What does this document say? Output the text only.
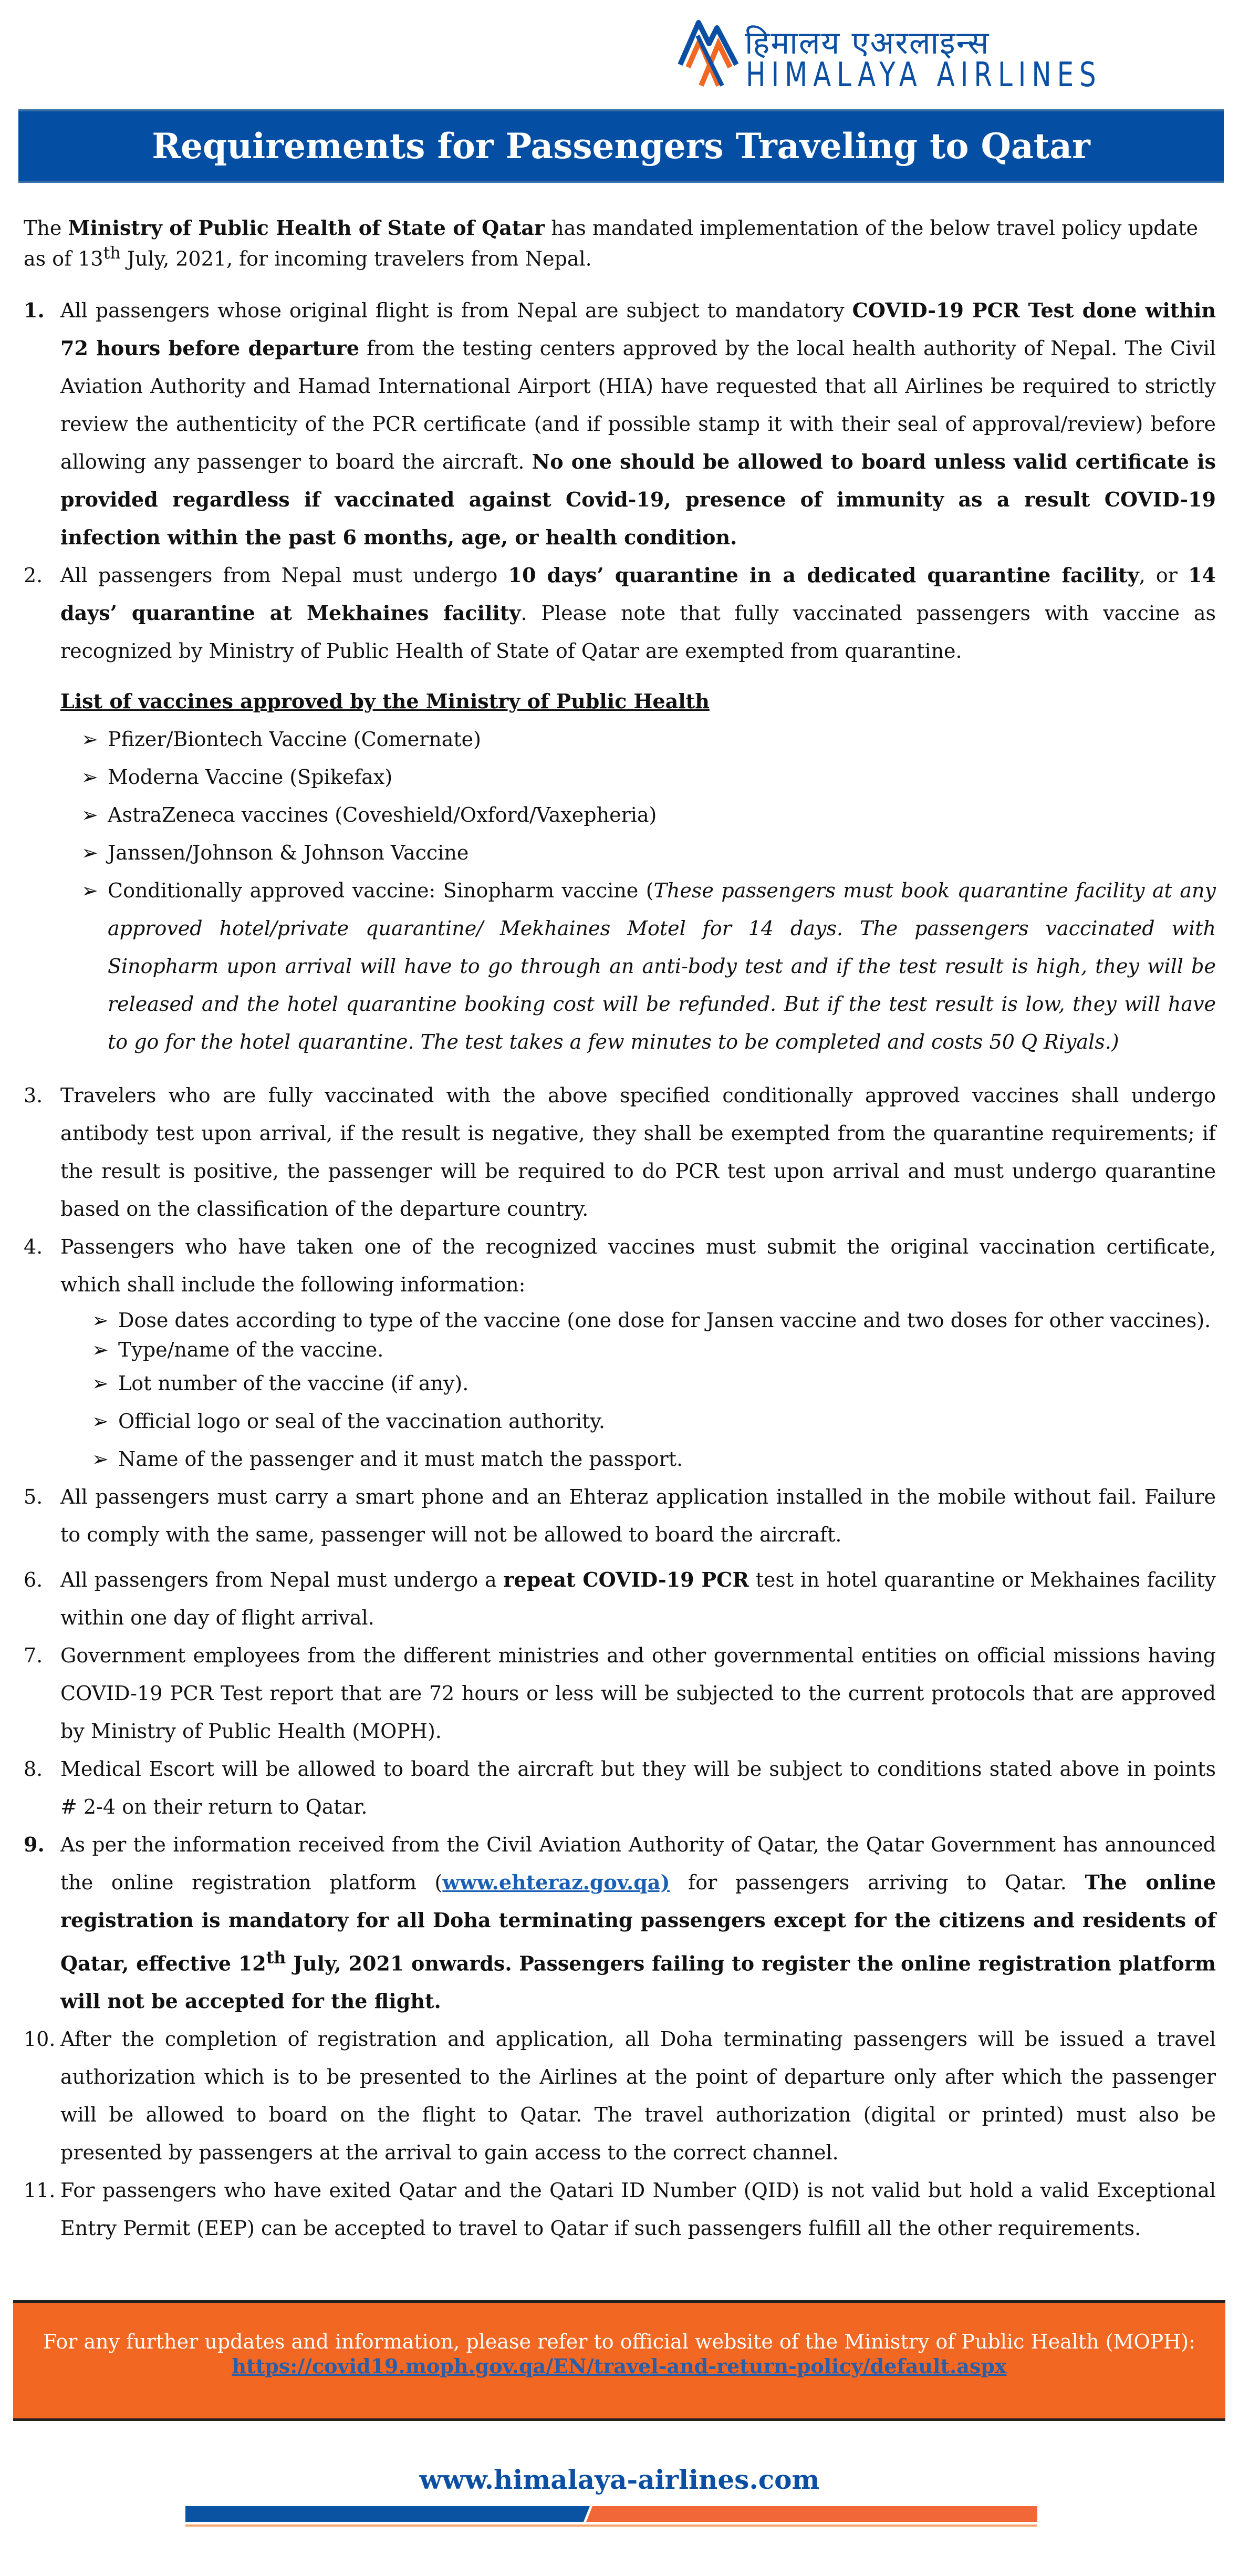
हिमालय एअरलाइन्स
HIMALAYA AIRLINES
Requirements for Passengers Traveling to Qatar
The Ministry of Public Health of State of Qatar has mandated implementation of the below travel policy update as of 13th July, 2021, for incoming travelers from Nepal.
1. All passengers whose original flight is from Nepal are subject to mandatory COVID-19 PCR Test done within 72 hours before departure from the testing centers approved by the local health authority of Nepal. The Civil Aviation Authority and Hamad International Airport (HIA) have requested that all Airlines be required to strictly review the authenticity of the PCR certificate (and if possible stamp it with their seal of approval/review) before allowing any passenger to board the aircraft. No one should be allowed to board unless valid certificate is provided regardless if vaccinated against Covid-19, presence of immunity as a result COVID-19 infection within the past 6 months, age, or health condition.
2. All passengers from Nepal must undergo 10 days’ quarantine in a dedicated quarantine facility, or 14 days’ quarantine at Mekhaines facility. Please note that fully vaccinated passengers with vaccine as recognized by Ministry of Public Health of State of Qatar are exempted from quarantine.
List of vaccines approved by the Ministry of Public Health
➢ Pfizer/Biontech Vaccine (Comernate)
➢ Moderna Vaccine (Spikefax)
➢ AstraZeneca vaccines (Coveshield/Oxford/Vaxepheria)
➢ Janssen/Johnson & Johnson Vaccine
➢ Conditionally approved vaccine: Sinopharm vaccine (These passengers must book quarantine facility at any approved hotel/private quarantine/ Mekhaines Motel for 14 days. The passengers vaccinated with Sinopharm upon arrival will have to go through an anti-body test and if the test result is high, they will be released and the hotel quarantine booking cost will be refunded. But if the test result is low, they will have to go for the hotel quarantine. The test takes a few minutes to be completed and costs 50 Q Riyals.)
3. Travelers who are fully vaccinated with the above specified conditionally approved vaccines shall undergo antibody test upon arrival, if the result is negative, they shall be exempted from the quarantine requirements; if the result is positive, the passenger will be required to do PCR test upon arrival and must undergo quarantine based on the classification of the departure country.
4. Passengers who have taken one of the recognized vaccines must submit the original vaccination certificate, which shall include the following information:
➢ Dose dates according to type of the vaccine (one dose for Jansen vaccine and two doses for other vaccines).
➢ Type/name of the vaccine.
➢ Lot number of the vaccine (if any).
➢ Official logo or seal of the vaccination authority.
➢ Name of the passenger and it must match the passport.
5. All passengers must carry a smart phone and an Ehteraz application installed in the mobile without fail. Failure to comply with the same, passenger will not be allowed to board the aircraft.
6. All passengers from Nepal must undergo a repeat COVID-19 PCR test in hotel quarantine or Mekhaines facility within one day of flight arrival.
7. Government employees from the different ministries and other governmental entities on official missions having COVID-19 PCR Test report that are 72 hours or less will be subjected to the current protocols that are approved by Ministry of Public Health (MOPH).
8. Medical Escort will be allowed to board the aircraft but they will be subject to conditions stated above in points # 2-4 on their return to Qatar.
9. As per the information received from the Civil Aviation Authority of Qatar, the Qatar Government has announced the online registration platform (www.ehteraz.gov.qa) for passengers arriving to Qatar. The online registration is mandatory for all Doha terminating passengers except for the citizens and residents of Qatar, effective 12th July, 2021 onwards. Passengers failing to register the online registration platform will not be accepted for the flight.
10. After the completion of registration and application, all Doha terminating passengers will be issued a travel authorization which is to be presented to the Airlines at the point of departure only after which the passenger will be allowed to board on the flight to Qatar. The travel authorization (digital or printed) must also be presented by passengers at the arrival to gain access to the correct channel.
11. For passengers who have exited Qatar and the Qatari ID Number (QID) is not valid but hold a valid Exceptional Entry Permit (EEP) can be accepted to travel to Qatar if such passengers fulfill all the other requirements.
For any further updates and information, please refer to official website of the Ministry of Public Health (MOPH):
https://covid19.moph.gov.qa/EN/travel-and-return-policy/default.aspx
www.himalaya-airlines.com
